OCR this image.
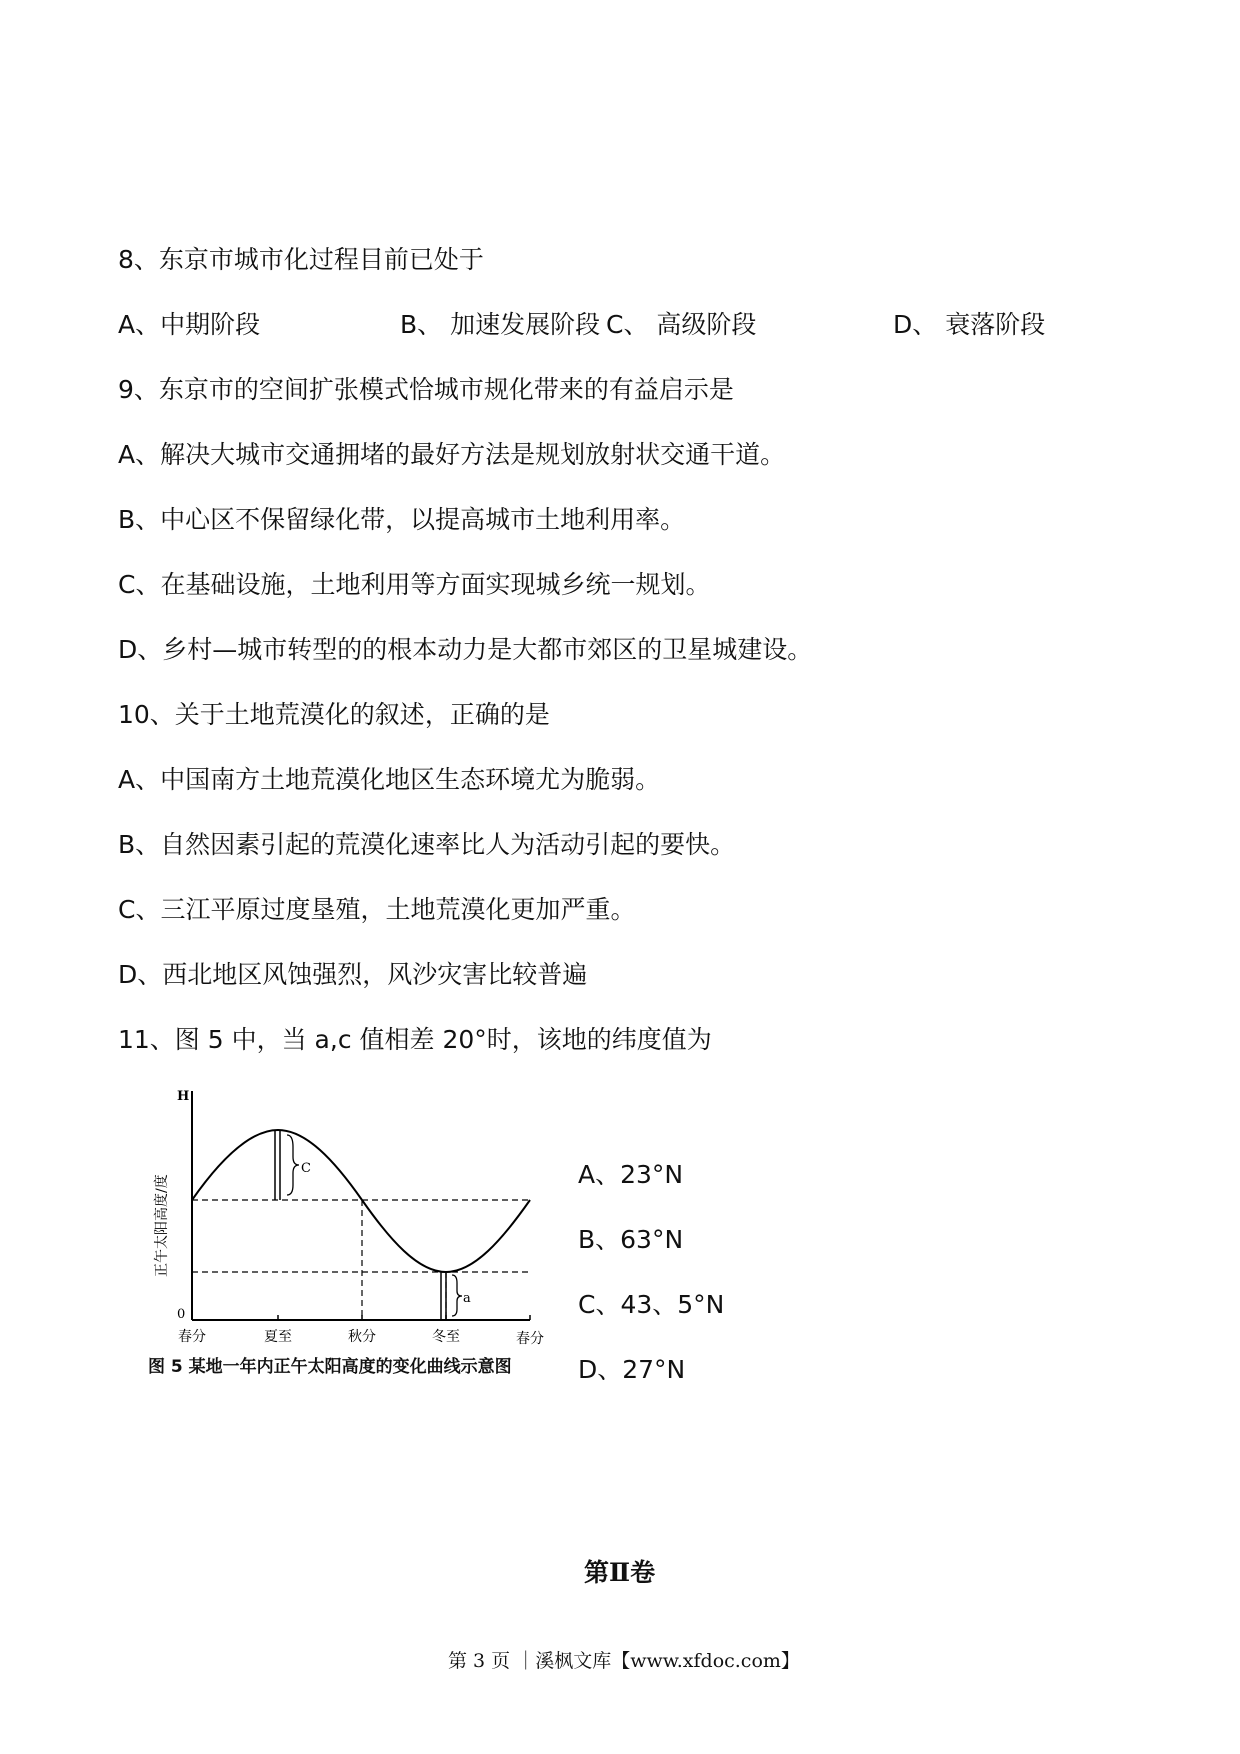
8、东京市城市化过程目前已处于
A、中期阶段	B、 加速发展阶段 C、 高级阶段	D、 衰落阶段
9、东京市的空间扩张模式恰城市规化带来的有益启示是
A、解决大城市交通拥堵的最好方法是规划放射状交通干道。
B、中心区不保留绿化带，以提高城市土地利用率。
C、在基础设施，土地利用等方面实现城乡统一规划。
D、乡村—城市转型的的根本动力是大都市郊区的卫星城建设。
10、关于土地荒漠化的叙述，正确的是
A、中国南方土地荒漠化地区生态环境尤为脆弱。
B、自然因素引起的荒漠化速率比人为活动引起的要快。
C、三江平原过度垦殖，土地荒漠化更加严重。
D、西北地区风蚀强烈，风沙灾害比较普遍
11、图 5 中，当 a,c 值相差 20°时，该地的纬度值为
C
a
H
0
正午太阳高度/度
春分	夏至	秋分	冬至	春分
图 5 某地一年内正午太阳高度的变化曲线示意图
A、23°N
B、63°N
C、43、5°N
D、27°N
第Ⅱ卷
第 3 页 ｜溪枫文库【www.xfdoc.com】
